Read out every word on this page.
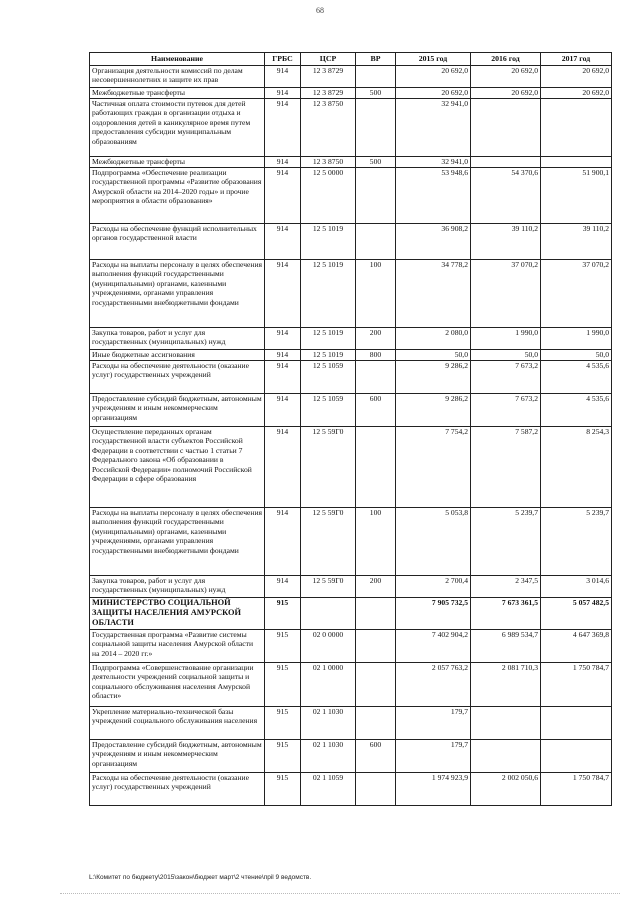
68
Наименование	ГРБС	ЦСР	ВР	2015 год	2016 год	2017 год
Организация деятельности комиссий по делам несовершеннолетних и защите их прав	914	12 3 8729		20 692,0	20 692,0	20 692,0
Межбюджетные трансферты	914	12 3 8729	500	20 692,0	20 692,0	20 692,0
Частичная оплата стоимости путевок для детей работающих граждан в организации отдыха и оздоровления детей в каникулярное время путем предоставления субсидии муниципальным образованиям	914	12 3 8750		32 941,0		
Межбюджетные трансферты	914	12 3 8750	500	32 941,0		
Подпрограмма «Обеспечение реализации государственной программы «Развитие образования Амурской области на 2014–2020 годы» и прочие мероприятия в области образования»	914	12 5 0000		53 948,6	54 370,6	51 900,1
Расходы на обеспечение функций исполнительных органов государственной власти	914	12 5 1019		36 908,2	39 110,2	39 110,2
Расходы на выплаты персоналу в целях обеспечения выполнения функций государственными (муниципальными) органами, казенными учреждениями, органами управления государственными внебюджетными фондами	914	12 5 1019	100	34 778,2	37 070,2	37 070,2
Закупка товаров, работ и услуг для государственных (муниципальных) нужд	914	12 5 1019	200	2 080,0	1 990,0	1 990,0
Иные бюджетные ассигнования	914	12 5 1019	800	50,0	50,0	50,0
Расходы на обеспечение деятельности (оказание услуг) государственных учреждений	914	12 5 1059		9 286,2	7 673,2	4 535,6
Предоставление субсидий бюджетным, автономным учреждениям и иным некоммерческим организациям	914	12 5 1059	600	9 286,2	7 673,2	4 535,6
Осуществление переданных органам государственной власти субъектов Российской Федерации в соответствии с частью 1 статьи 7 Федерального закона «Об образовании в Российской Федерации» полномочий Российской Федерации в сфере образования	914	12 5 59Г0		7 754,2	7 587,2	8 254,3
Расходы на выплаты персоналу в целях обеспечения выполнения функций государственными (муниципальными) органами, казенными учреждениями, органами управления государственными внебюджетными фондами	914	12 5 59Г0	100	5 053,8	5 239,7	5 239,7
Закупка товаров, работ и услуг для государственных (муниципальных) нужд	914	12 5 59Г0	200	2 700,4	2 347,5	3 014,6
МИНИСТЕРСТВО СОЦИАЛЬНОЙ ЗАЩИТЫ НАСЕЛЕНИЯ АМУРСКОЙ ОБЛАСТИ	915			7 905 732,5	7 673 361,5	5 057 482,5
Государственная программа «Развитие системы социальной защиты населения Амурской области на 2014 – 2020 гг.»	915	02 0 0000		7 402 904,2	6 989 534,7	4 647 369,8
Подпрограмма «Совершенствование организации деятельности учреждений социальной защиты и социального обслуживания населения Амурской области»	915	02 1 0000		2 057 763,2	2 081 710,3	1 750 784,7
Укрепление материально-технической базы учреждений социального обслуживания населения	915	02 1 1030		179,7		
Предоставление субсидий бюджетным, автономным учреждениям и иным некоммерческим организациям	915	02 1 1030	600	179,7		
Расходы на обеспечение деятельности (оказание услуг) государственных учреждений	915	02 1 1059		1 974 923,9	2 002 050,6	1 750 784,7
L:\Комитет по бюджету\2015\закон\бюджет март\2 чтение\прil 9 ведомств.
